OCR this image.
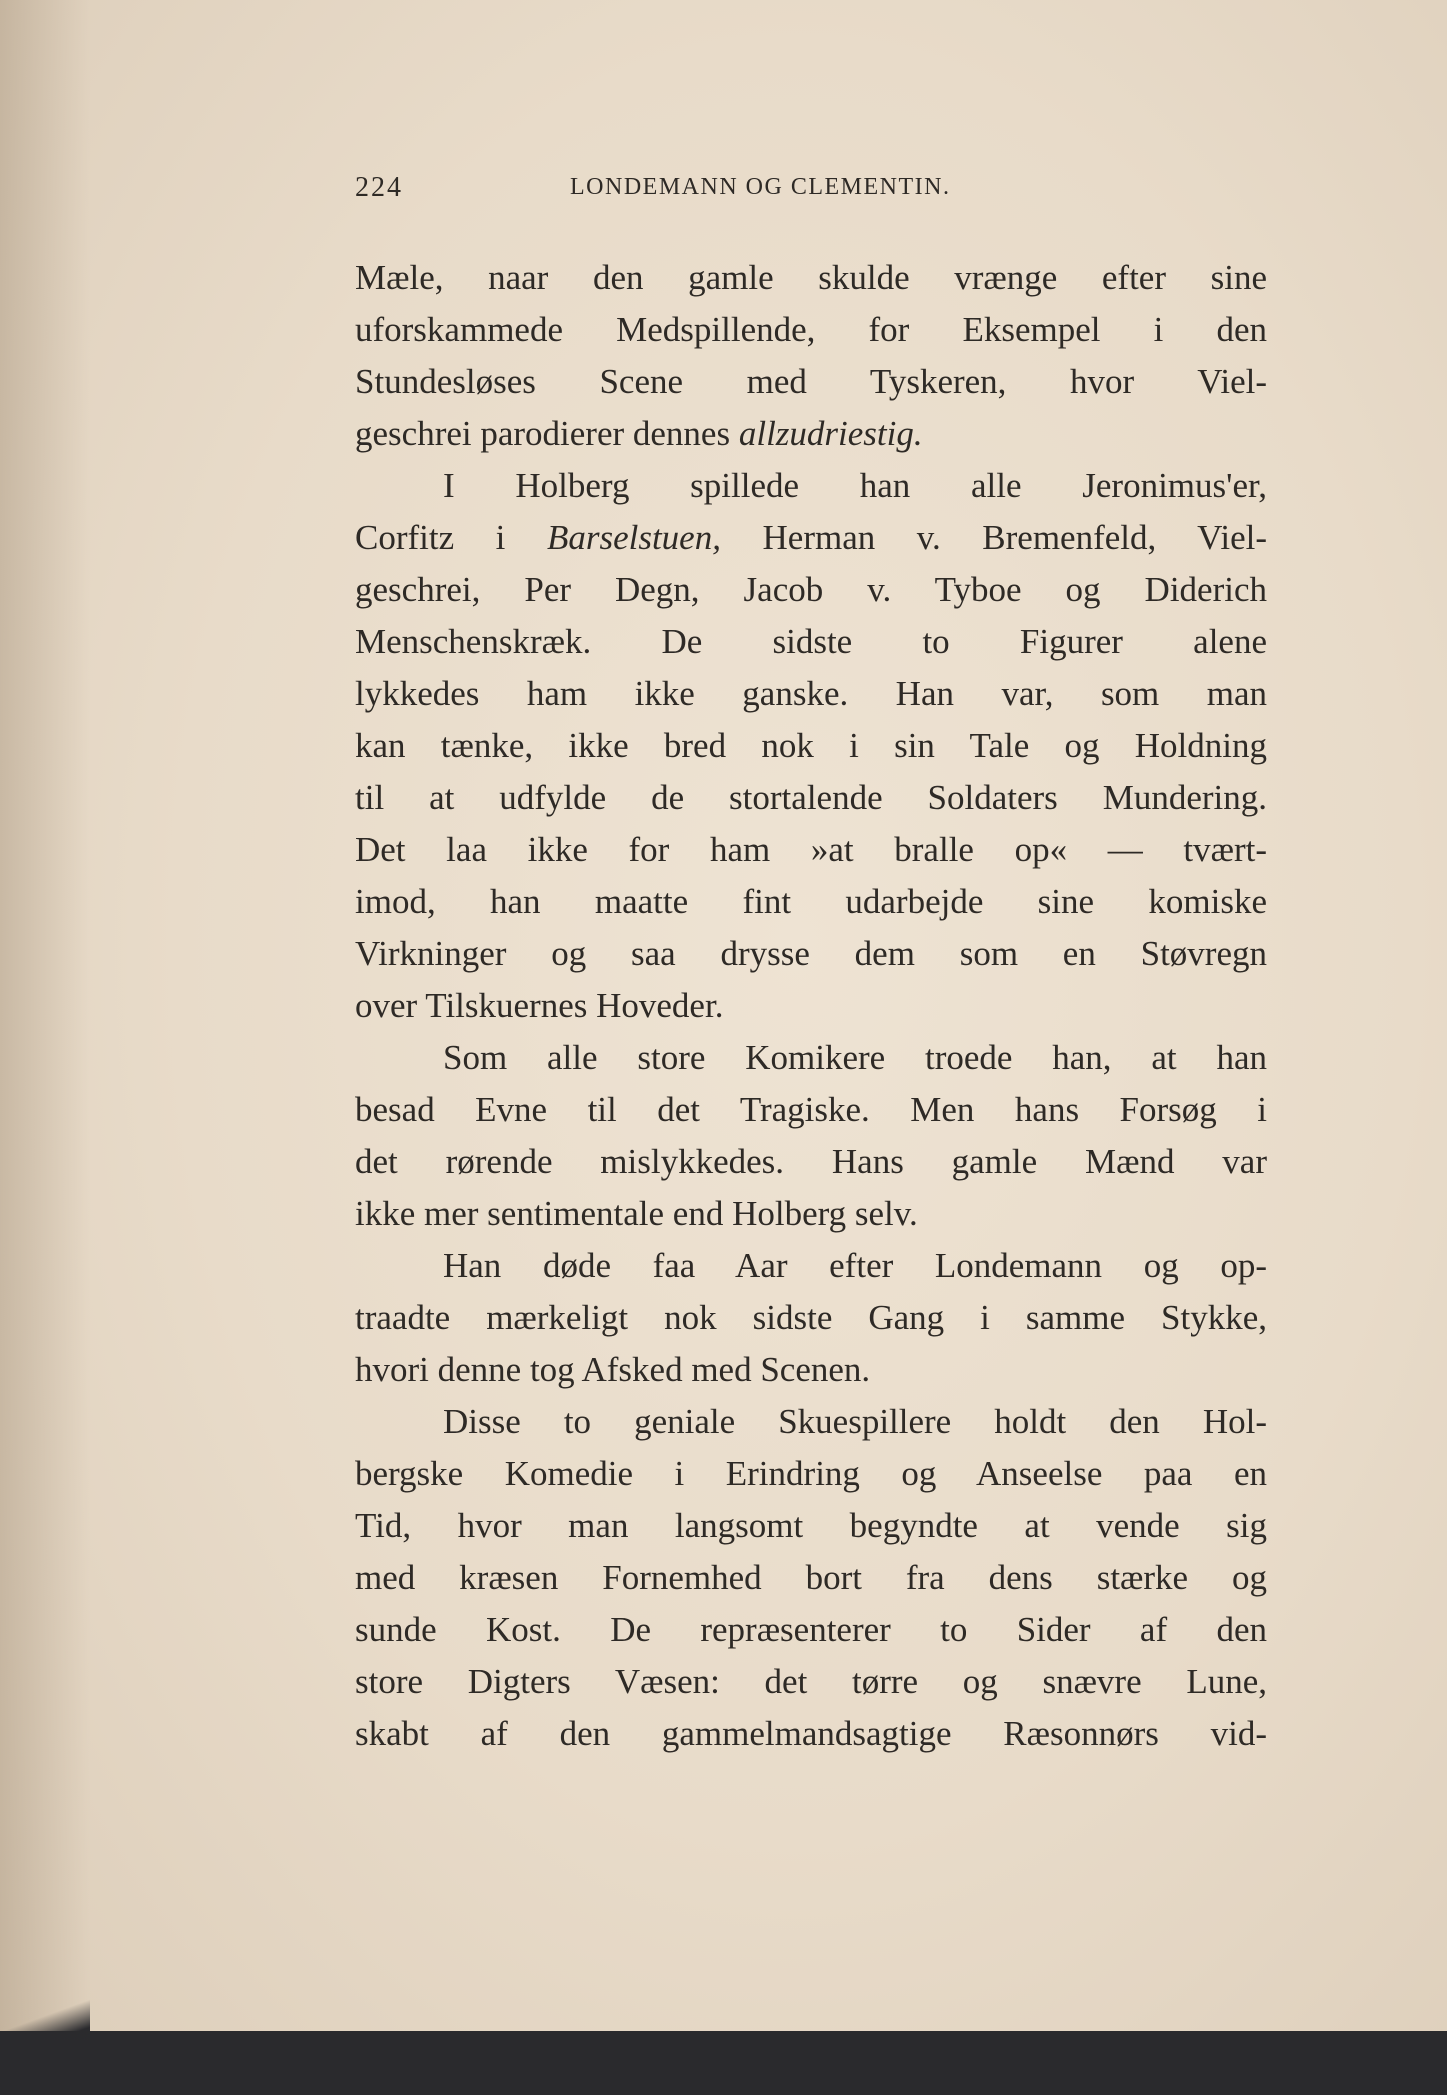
224	LONDEMANN OG CLEMENTIN.
Mæle, naar den gamle skulde vrænge efter sine
uforskammede Medspillende, for Eksempel i den
Stundesløses Scene med Tyskeren, hvor Viel-
geschrei parodierer dennes allzudriestig.
I Holberg spillede han alle Jeronimus'er,
Corfitz i Barselstuen, Herman v. Bremenfeld, Viel-
geschrei, Per Degn, Jacob v. Tyboe og Diderich
Menschenskræk. De sidste to Figurer alene
lykkedes ham ikke ganske. Han var, som man
kan tænke, ikke bred nok i sin Tale og Holdning
til at udfylde de stortalende Soldaters Mundering.
Det laa ikke for ham »at bralle op« — tvært-
imod, han maatte fint udarbejde sine komiske
Virkninger og saa drysse dem som en Støvregn
over Tilskuernes Hoveder.
Som alle store Komikere troede han, at han
besad Evne til det Tragiske. Men hans Forsøg i
det rørende mislykkedes. Hans gamle Mænd var
ikke mer sentimentale end Holberg selv.
Han døde faa Aar efter Londemann og op-
traadte mærkeligt nok sidste Gang i samme Stykke,
hvori denne tog Afsked med Scenen.
Disse to geniale Skuespillere holdt den Hol-
bergske Komedie i Erindring og Anseelse paa en
Tid, hvor man langsomt begyndte at vende sig
med kræsen Fornemhed bort fra dens stærke og
sunde Kost. De repræsenterer to Sider af den
store Digters Væsen: det tørre og snævre Lune,
skabt af den gammelmandsagtige Ræsonnørs vid-
